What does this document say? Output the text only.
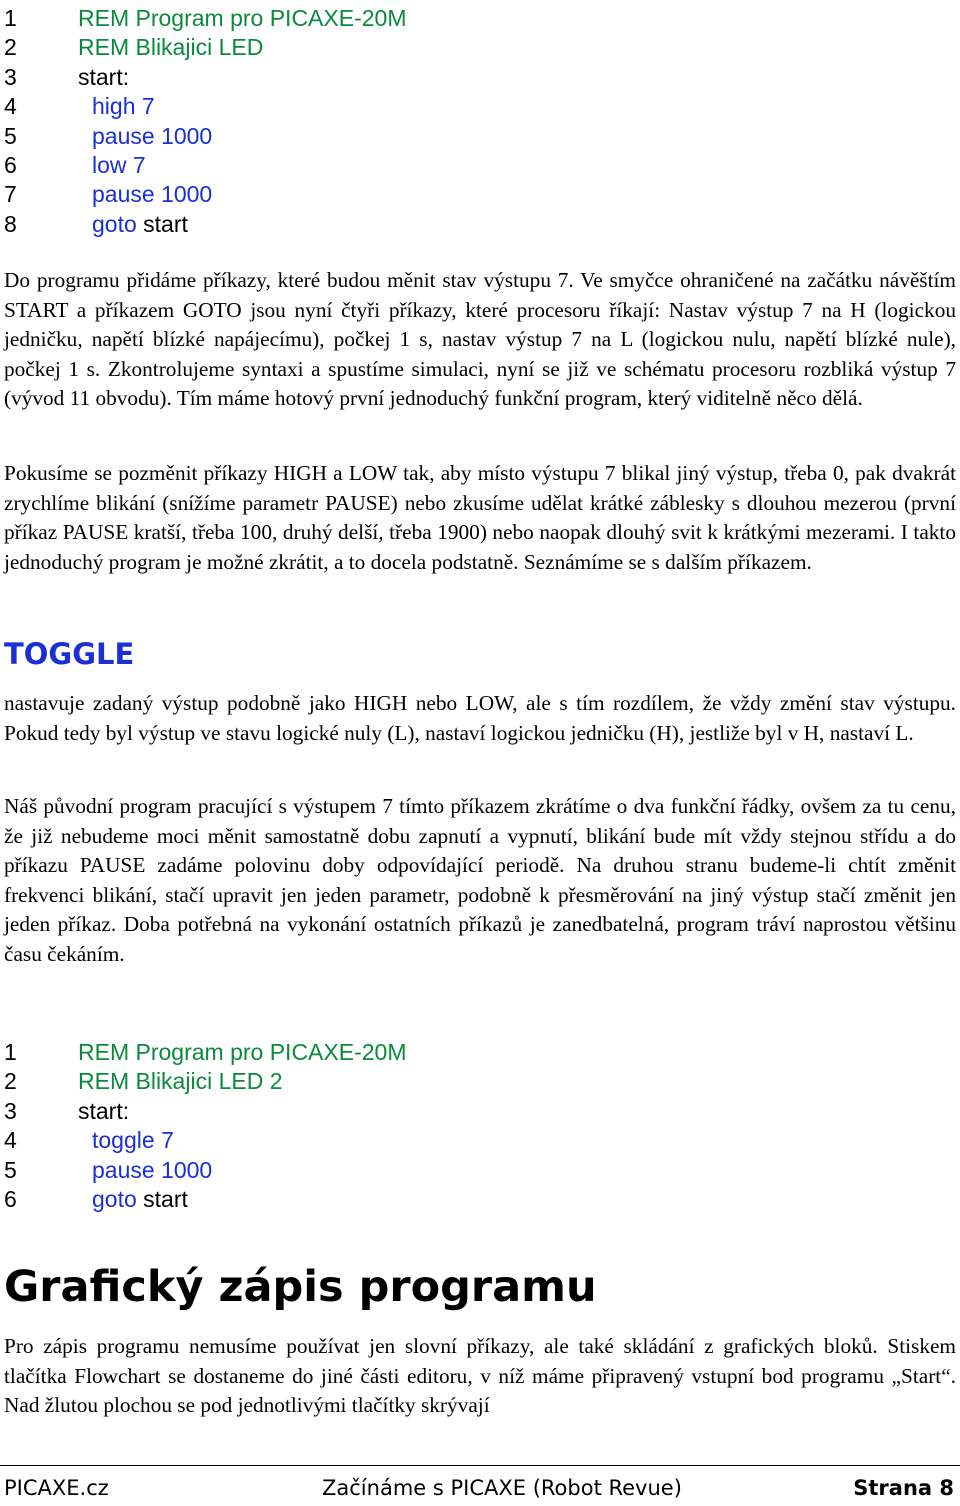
1	REM Program pro PICAXE-20M
2	REM Blikajici LED
3	start:
4	high 7
5	pause 1000
6	low 7
7	pause 1000
8	goto start

Do programu přidáme příkazy, které budou měnit stav výstupu 7. Ve smyčce ohraničené na začátku návěštím START a příkazem GOTO jsou nyní čtyři příkazy, které procesoru říkají: Nastav výstup 7 na H (logickou jedničku, napětí blízké napájecímu), počkej 1 s, nastav výstup 7 na L (logickou nulu, napětí blízké nule), počkej 1 s. Zkontrolujeme syntaxi a spustíme simulaci, nyní se již ve schématu procesoru rozbliká výstup 7 (vývod 11 obvodu). Tím máme hotový první jednoduchý funkční program, který viditelně něco dělá.

Pokusíme se pozměnit příkazy HIGH a LOW tak, aby místo výstupu 7 blikal jiný výstup, třeba 0, pak dvakrát zrychlíme blikání (snížíme parametr PAUSE) nebo zkusíme udělat krátké záblesky s dlouhou mezerou (první příkaz PAUSE kratší, třeba 100, druhý delší, třeba 1900) nebo naopak dlouhý svit k krátkými mezerami. I takto jednoduchý program je možné zkrátit, a to docela podstatně. Seznámíme se s dalším příkazem.

TOGGLE

nastavuje zadaný výstup podobně jako HIGH nebo LOW, ale s tím rozdílem, že vždy změní stav výstupu. Pokud tedy byl výstup ve stavu logické nuly (L), nastaví logickou jedničku (H), jestliže byl v H, nastaví L.

Náš původní program pracující s výstupem 7 tímto příkazem zkrátíme o dva funkční řádky, ovšem za tu cenu, že již nebudeme moci měnit samostatně dobu zapnutí a vypnutí, blikání bude mít vždy stejnou střídu a do příkazu PAUSE zadáme polovinu doby odpovídající periodě. Na druhou stranu budeme-li chtít změnit frekvenci blikání, stačí upravit jen jeden parametr, podobně k přesměrování na jiný výstup stačí změnit jen jeden příkaz. Doba potřebná na vykonání ostatních příkazů je zanedbatelná, program tráví naprostou většinu času čekáním.

1	REM Program pro PICAXE-20M
2	REM Blikajici LED 2
3	start:
4	toggle 7
5	pause 1000
6	goto start
Grafický zápis programu

Pro zápis programu nemusíme používat jen slovní příkazy, ale také skládání z grafických bloků. Stiskem tlačítka Flowchart se dostaneme do jiné části editoru, v níž máme připravený vstupní bod programu „Start“. Nad žlutou plochou se pod jednotlivými tlačítky skrývají

PICAXE.cz	Začínáme s PICAXE (Robot Revue)	Strana 8
